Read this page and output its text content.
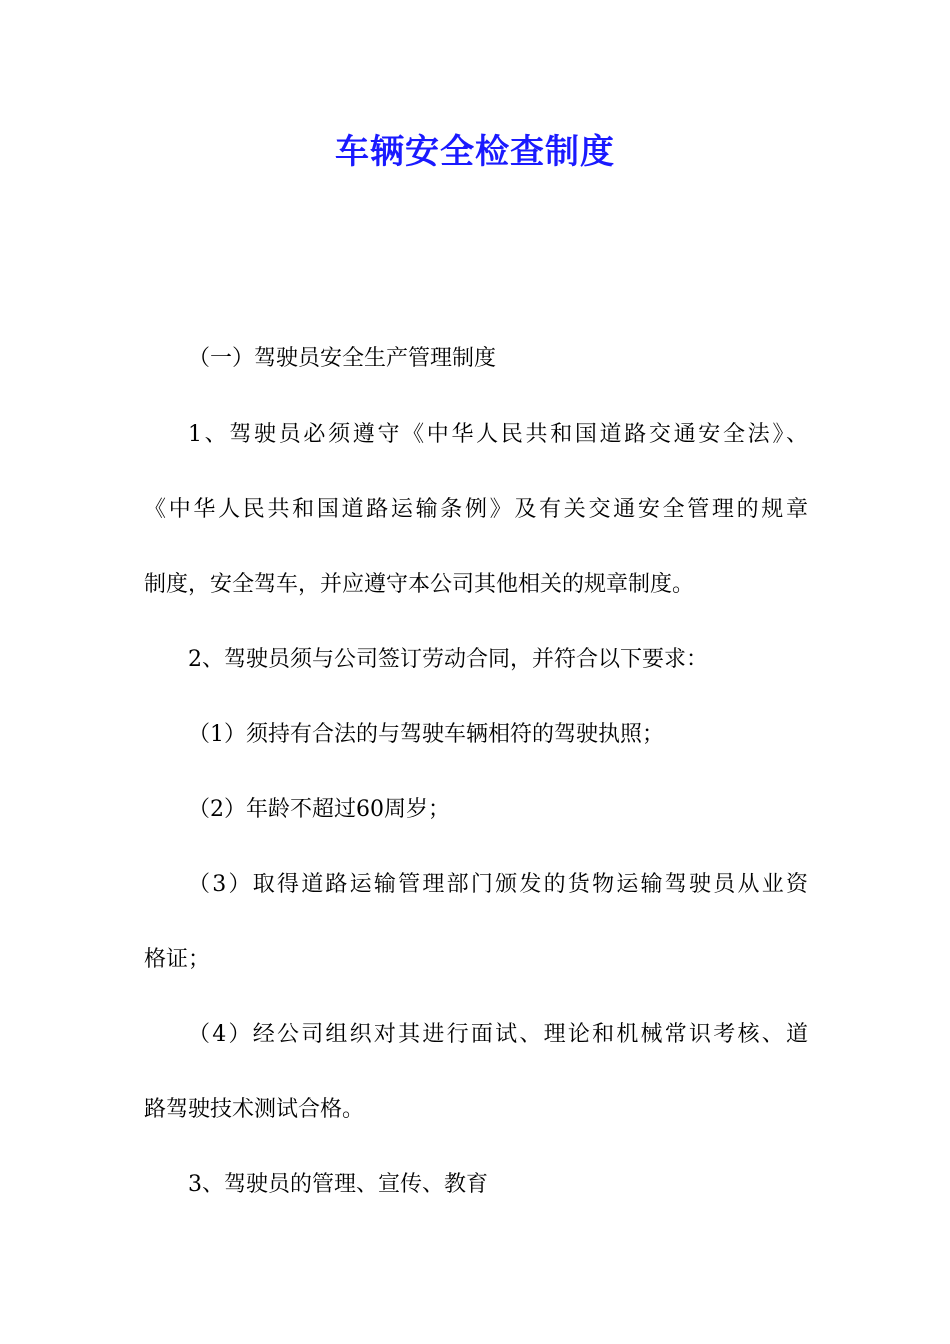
车辆安全检查制度

（一）驾驶员安全生产管理制度

1、驾驶员必须遵守《中华人民共和国道路交通安全法》、

《中华人民共和国道路运输条例》及有关交通安全管理的规章

制度，安全驾车，并应遵守本公司其他相关的规章制度。

2、驾驶员须与公司签订劳动合同，并符合以下要求：

（1）须持有合法的与驾驶车辆相符的驾驶执照；

（2）年龄不超过60周岁；

（3）取得道路运输管理部门颁发的货物运输驾驶员从业资

格证；

（4）经公司组织对其进行面试、理论和机械常识考核、道

路驾驶技术测试合格。

3、驾驶员的管理、宣传、教育
